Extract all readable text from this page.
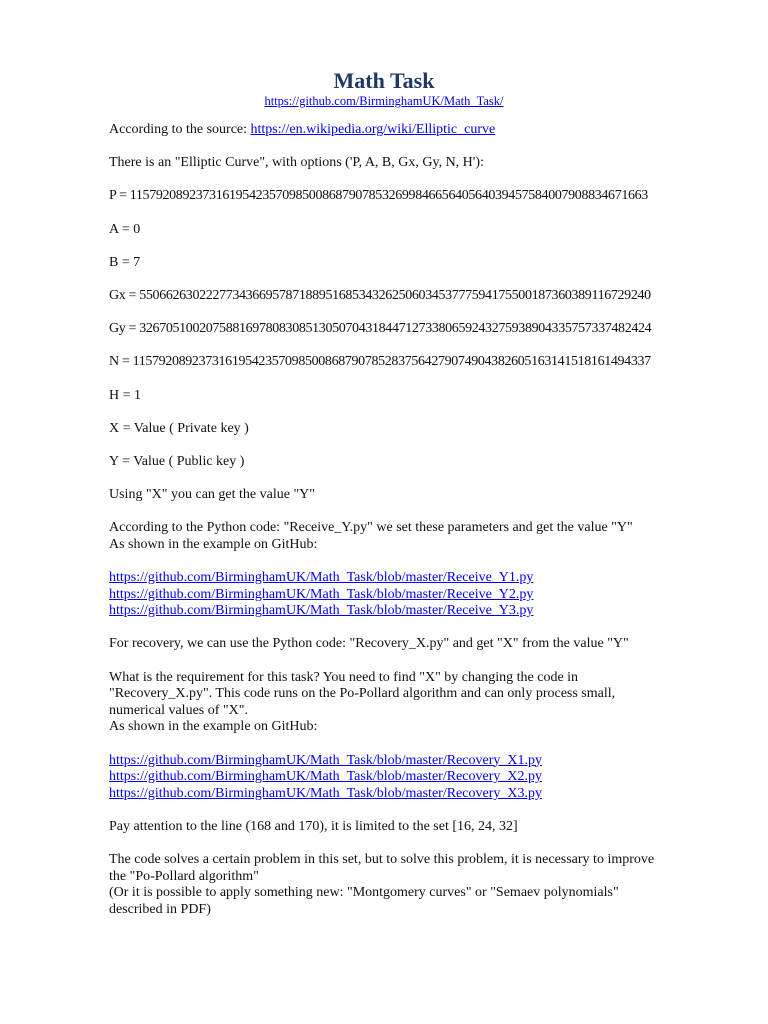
Math Task
https://github.com/BirminghamUK/Math_Task/
According to the source: https://en.wikipedia.org/wiki/Elliptic_curve
There is an "Elliptic Curve", with options ('P, A, B, Gx, Gy, N, H'):
P = 115792089237316195423570985008687907853269984665640564039457584007908834671663
A = 0
B = 7
Gx = 55066263022277343669578718895168534326250603453777594175500187360389116729240
Gy = 32670510020758816978083085130507043184471273380659243275938904335757337482424
N = 115792089237316195423570985008687907852837564279074904382605163141518161494337
H = 1
X = Value ( Private key )
Y = Value ( Public key )
Using "X" you can get the value "Y"
According to the Python code: "Receive_Y.py" we set these parameters and get the value "Y"
As shown in the example on GitHub:
https://github.com/BirminghamUK/Math_Task/blob/master/Receive_Y1.py
https://github.com/BirminghamUK/Math_Task/blob/master/Receive_Y2.py
https://github.com/BirminghamUK/Math_Task/blob/master/Receive_Y3.py
For recovery, we can use the Python code: "Recovery_X.py" and get "X" from the value "Y"
What is the requirement for this task? You need to find "X" by changing the code in
"Recovery_X.py". This code runs on the Po-Pollard algorithm and can only process small,
numerical values of "X".
As shown in the example on GitHub:
https://github.com/BirminghamUK/Math_Task/blob/master/Recovery_X1.py
https://github.com/BirminghamUK/Math_Task/blob/master/Recovery_X2.py
https://github.com/BirminghamUK/Math_Task/blob/master/Recovery_X3.py
Pay attention to the line (168 and 170), it is limited to the set [16, 24, 32]
The code solves a certain problem in this set, but to solve this problem, it is necessary to improve
the "Po-Pollard algorithm"
(Or it is possible to apply something new: "Montgomery curves" or "Semaev polynomials"
described in PDF)
